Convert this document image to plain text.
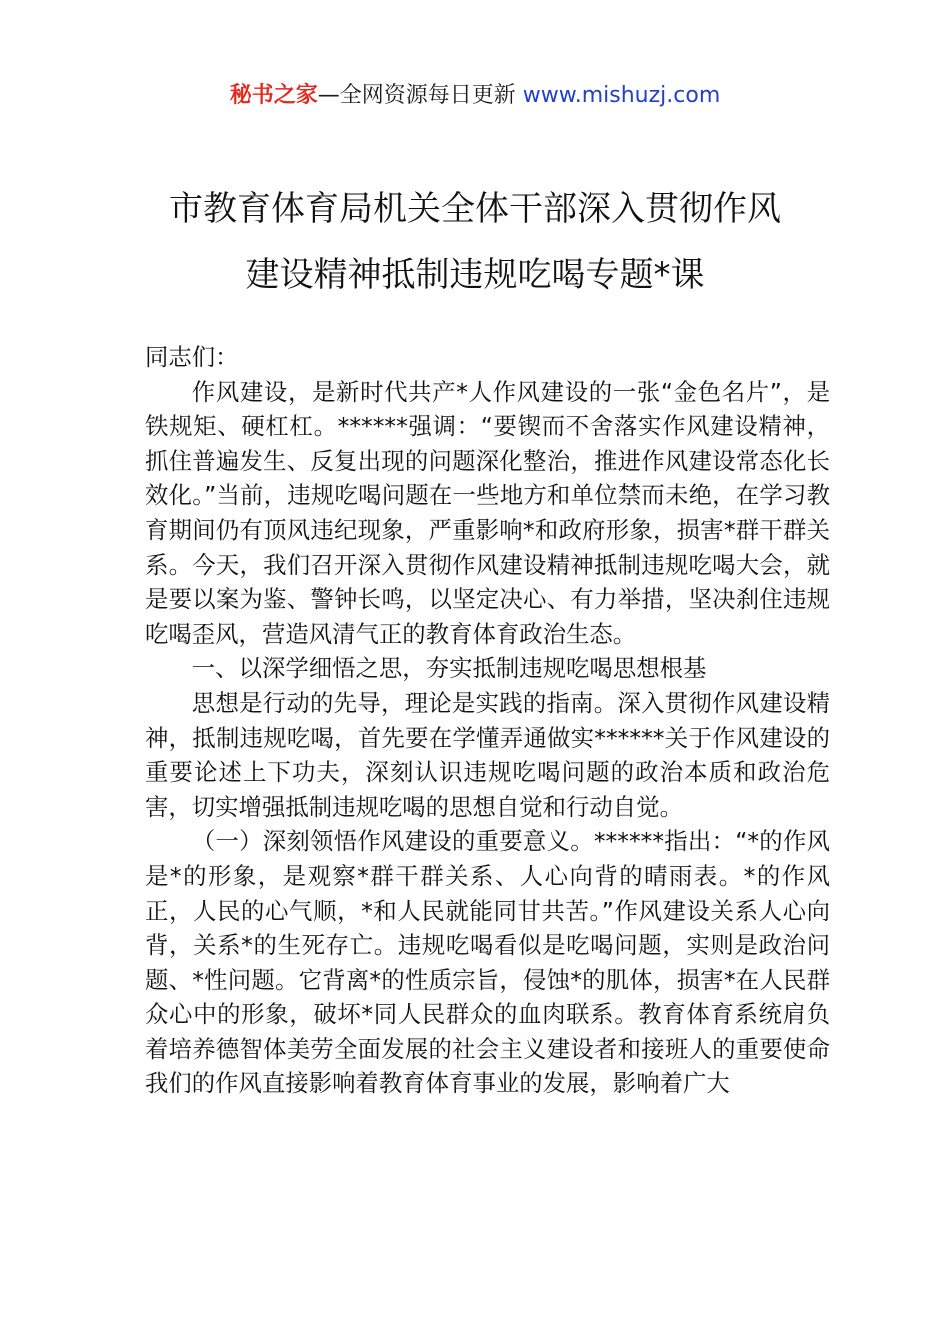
秘书之家—全网资源每日更新 www.mishuzj.com
市教育体育局机关全体干部深入贯彻作风
建设精神抵制违规吃喝专题*课

同志们：

作风建设，是新时代共产*人作风建设的一张“金色名片”，是铁规矩、硬杠杠。******强调：“要锲而不舍落实作风建设精神，抓住普遍发生、反复出现的问题深化整治，推进作风建设常态化长效化。”当前，违规吃喝问题在一些地方和单位禁而未绝，在学习教育期间仍有顶风违纪现象，严重影响*和政府形象，损害*群干群关系。今天，我们召开深入贯彻作风建设精神抵制违规吃喝大会，就是要以案为鉴、警钟长鸣，以坚定决心、有力举措，坚决刹住违规吃喝歪风，营造风清气正的教育体育政治生态。

一、以深学细悟之思，夯实抵制违规吃喝思想根基

思想是行动的先导，理论是实践的指南。深入贯彻作风建设精神，抵制违规吃喝，首先要在学懂弄通做实******关于作风建设的重要论述上下功夫，深刻认识违规吃喝问题的政治本质和政治危害，切实增强抵制违规吃喝的思想自觉和行动自觉。

（一）深刻领悟作风建设的重要意义。******指出：“*的作风是*的形象，是观察*群干群关系、人心向背的晴雨表。*的作风正，人民的心气顺，*和人民就能同甘共苦。”作风建设关系人心向背，关系*的生死存亡。违规吃喝看似是吃喝问题，实则是政治问题、*性问题。它背离*的性质宗旨，侵蚀*的肌体，损害*在人民群众心中的形象，破坏*同人民群众的血肉联系。教育体育系统肩负着培养德智体美劳全面发展的社会主义建设者和接班人的重要使命我们的作风直接影响着教育体育事业的发展，影响着广大
